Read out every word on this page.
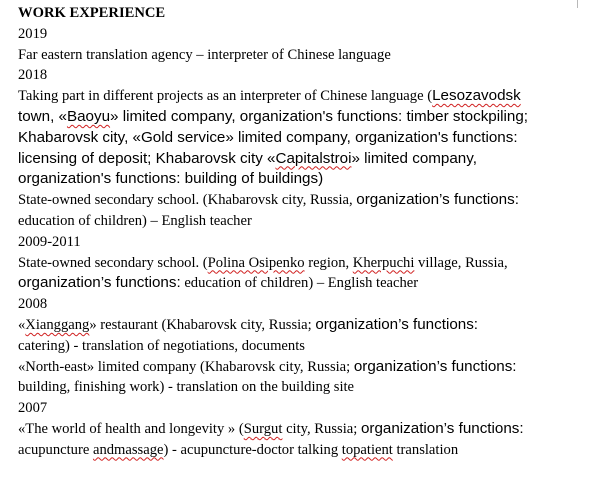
WORK EXPERIENCE
2019
Far eastern translation agency – interpreter of Chinese language
2018
Taking part in different projects as an interpreter of Chinese language (Lesozavodsk
town, «Baoyu» limited company, organization's functions: timber stockpiling;
Khabarovsk city, «Gold service» limited company, organization's functions:
licensing of deposit; Khabarovsk city «Capitalstroi» limited company,
organization's functions: building of buildings)
State-owned secondary school. (Khabarovsk city, Russia, organization’s functions:
education of children) – English teacher
2009-2011
State-owned secondary school. (Polina Osipenko region, Kherpuchi village, Russia,
organization’s functions: education of children) – English teacher
2008
«Xianggang» restaurant (Khabarovsk city, Russia; organization’s functions:
catering) - translation of negotiations, documents
«North-east» limited company (Khabarovsk city, Russia; organization’s functions:
building, finishing work) - translation on the building site
2007
«The world of health and longevity » (Surgut city, Russia; organization’s functions:
acupuncture andmassage) - acupuncture-doctor talking topatient translation
